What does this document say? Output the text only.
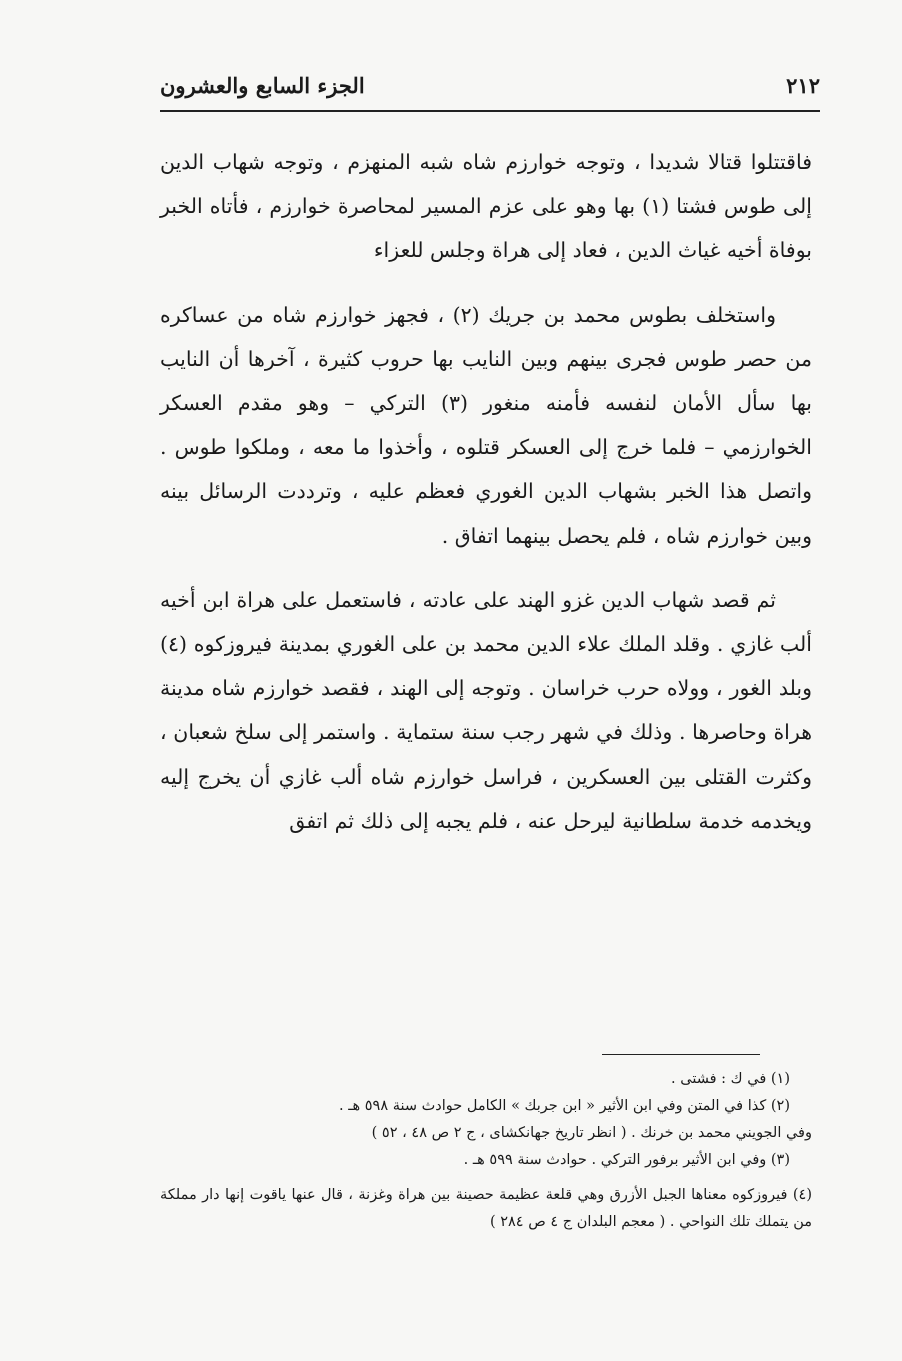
٢١٢
الجزء السابع والعشرون

فاقتتلوا قتالا شديدا ، وتوجه خوارزم شاه شبه المنهزم ، وتوجه شهاب الدين إلى طوس فشتا (١) بها وهو على عزم المسير لمحاصرة خوارزم ، فأتاه الخبر بوفاة أخيه غياث الدين ، فعاد إلى هراة وجلس للعزاء

واستخلف بطوس محمد بن جريك (٢) ، فجهز خوارزم شاه من عساكره من حصر طوس فجرى بينهم وبين النايب بها حروب كثيرة ، آخرها أن النايب بها سأل الأمان لنفسه فأمنه منغور (٣) التركي – وهو مقدم العسكر الخوارزمي – فلما خرج إلى العسكر قتلوه ، وأخذوا ما معه ، وملكوا طوس . واتصل هذا الخبر بشهاب الدين الغوري فعظم عليه ، وترددت الرسائل بينه وبين خوارزم شاه ، فلم يحصل بينهما اتفاق .

ثم قصد شهاب الدين غزو الهند على عادته ، فاستعمل على هراة ابن أخيه ألب غازي . وقلد الملك علاء الدين محمد بن على الغوري بمدينة فيروزكوه (٤) وبلد الغور ، وولاه حرب خراسان . وتوجه إلى الهند ، فقصد خوارزم شاه مدينة هراة وحاصرها . وذلك في شهر رجب سنة ستماية . واستمر إلى سلخ شعبان ، وكثرت القتلى بين العسكرين ، فراسل خوارزم شاه ألب غازي أن يخرج إليه ويخدمه خدمة سلطانية ليرحل عنه ، فلم يجبه إلى ذلك ثم اتفق

(١) في ك : فشتى .

(٢) كذا في المتن وفي ابن الأثير « ابن جربك » الكامل حوادث سنة ٥٩٨ هـ .

وفي الجويني محمد بن خرنك . ( انظر تاريخ جهانكشاى ، ج ٢ ص ٤٨ ، ٥٢ )

(٣) وفي ابن الأثير برفور التركي . حوادث سنة ٥٩٩ هـ .

(٤) فيروزكوه معناها الجبل الأزرق وهي قلعة عظيمة حصينة بين هراة وغزنة ، قال عنها ياقوت إنها دار مملكة من يتملك تلك النواحي . ( معجم البلدان ج ٤ ص ٢٨٤ )
